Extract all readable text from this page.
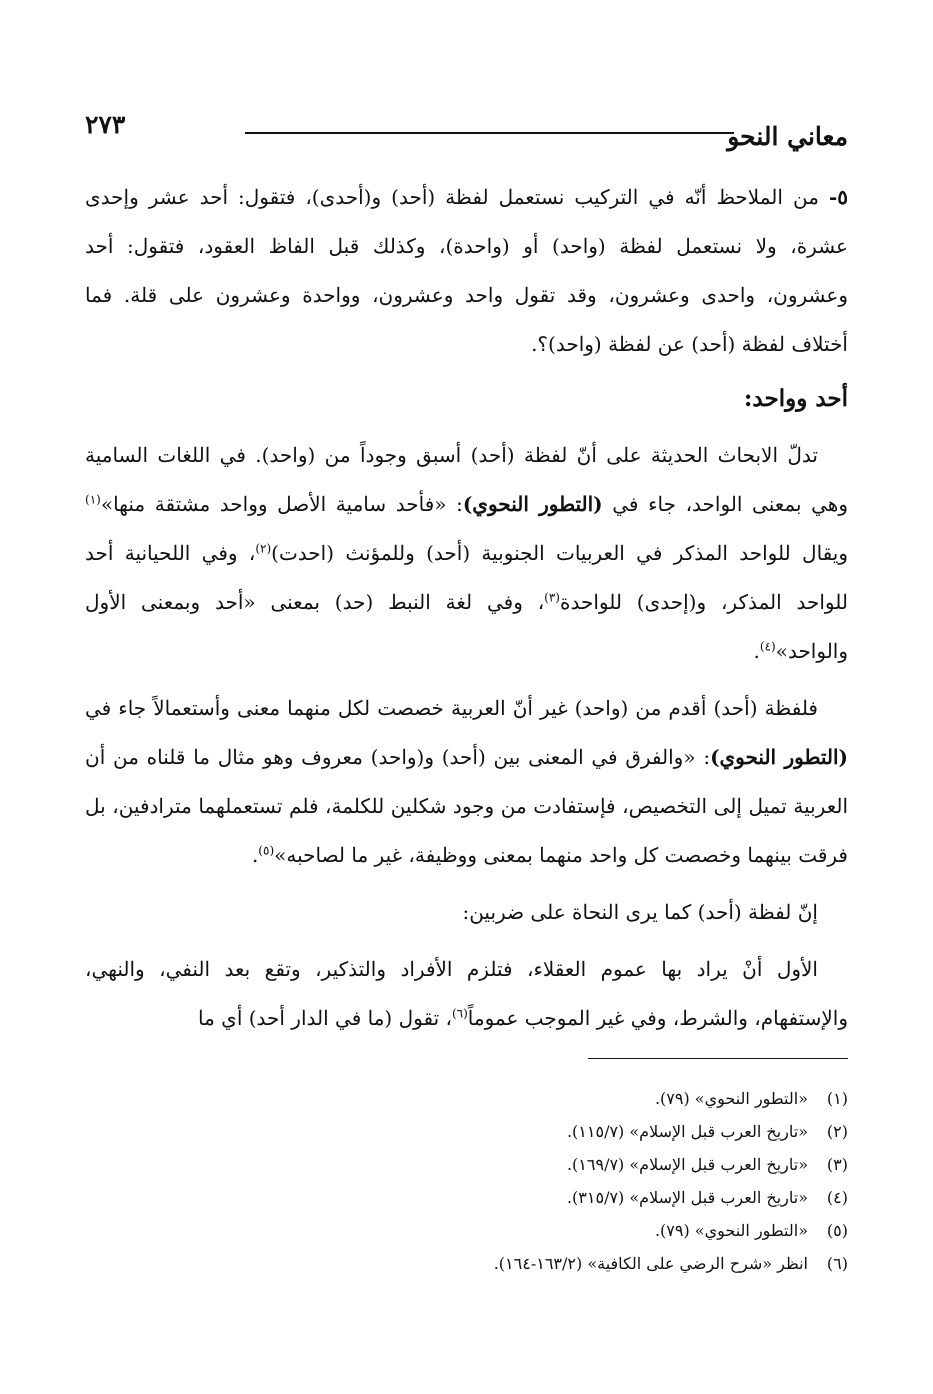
معاني النحو
٢٧٣

٥- من الملاحظ أنّه في التركيب نستعمل لفظة (أحد) و(أحدى)، فتقول: أحد عشر وإحدى عشرة، ولا نستعمل لفظة (واحد) أو (واحدة)، وكذلك قبل الفاظ العقود، فتقول: أحد وعشرون، واحدى وعشرون، وقد تقول واحد وعشرون، وواحدة وعشرون على قلة. فما أختلاف لفظة (أحد) عن لفظة (واحد)؟.

أحد وواحد:

تدلّ الابحاث الحديثة على أنّ لفظة (أحد) أسبق وجوداً من (واحد). في اللغات السامية وهي بمعنى الواحد، جاء في (التطور النحوي): «فأحد سامية الأصل وواحد مشتقة منها»$^{(١)}$ ويقال للواحد المذكر في العربيات الجنوبية (أحد) وللمؤنث (احدت)$^{(٢)}$، وفي اللحيانية أحد للواحد المذكر، و(إحدى) للواحدة$^{(٣)}$، وفي لغة النبط (حد) بمعنى «أحد وبمعنى الأول والواحد»$^{(٤)}$.

فلفظة (أحد) أقدم من (واحد) غير أنّ العربية خصصت لكل منهما معنى وأستعمالاً جاء في (التطور النحوي): «والفرق في المعنى بين (أحد) و(واحد) معروف وهو مثال ما قلناه من أن العربية تميل إلى التخصيص، فإستفادت من وجود شكلين للكلمة، فلم تستعملهما مترادفين، بل فرقت بينهما وخصصت كل واحد منهما بمعنى ووظيفة، غير ما لصاحبه»$^{(٥)}$.

إنّ لفظة (أحد) كما يرى النحاة على ضربين:

الأول أنْ يراد بها عموم العقلاء، فتلزم الأفراد والتذكير، وتقع بعد النفي، والنهي، والإستفهام، والشرط، وفي غير الموجب عموماً$^{(٦)}$، تقول (ما في الدار أحد) أي ما

(١)
«التطور النحوي» (٧٩).
(٢)
«تاريخ العرب قبل الإسلام» (١١٥/٧).
(٣)
«تاريخ العرب قبل الإسلام» (١٦٩/٧).
(٤)
«تاريخ العرب قبل الإسلام» (٣١٥/٧).
(٥)
«التطور النحوي» (٧٩).
(٦)
انظر «شرح الرضي على الكافية» (١٦٣/٢-١٦٤).
